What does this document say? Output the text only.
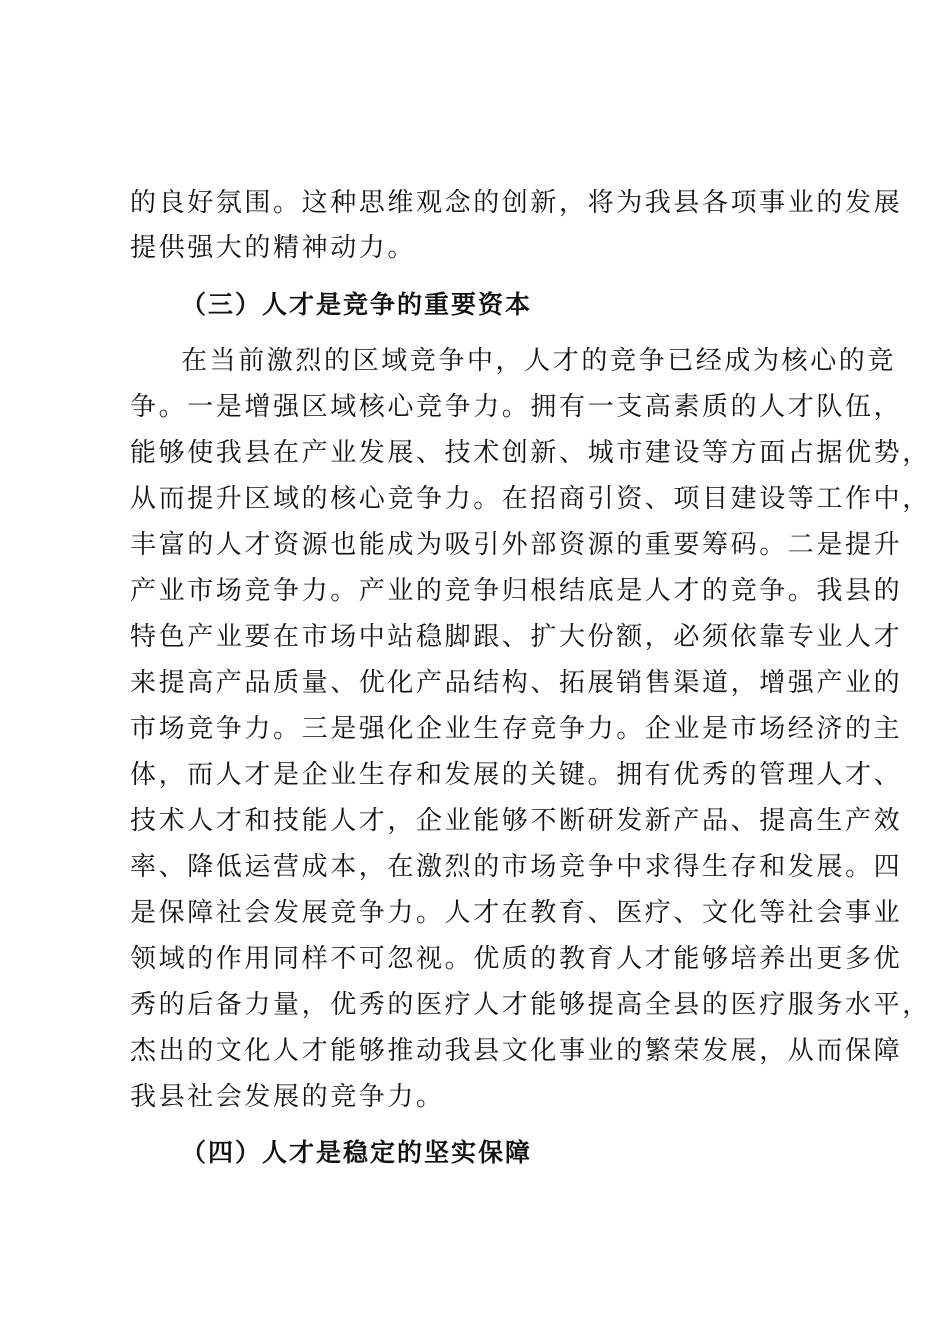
的良好氛围。这种思维观念的创新，将为我县各项事业的发展
提供强大的精神动力。
（三）人才是竞争的重要资本
在当前激烈的区域竞争中，人才的竞争已经成为核心的竞
争。一是增强区域核心竞争力。拥有一支高素质的人才队伍，
能够使我县在产业发展、技术创新、城市建设等方面占据优势，
从而提升区域的核心竞争力。在招商引资、项目建设等工作中，
丰富的人才资源也能成为吸引外部资源的重要筹码。二是提升
产业市场竞争力。产业的竞争归根结底是人才的竞争。我县的
特色产业要在市场中站稳脚跟、扩大份额，必须依靠专业人才
来提高产品质量、优化产品结构、拓展销售渠道，增强产业的
市场竞争力。三是强化企业生存竞争力。企业是市场经济的主
体，而人才是企业生存和发展的关键。拥有优秀的管理人才、
技术人才和技能人才，企业能够不断研发新产品、提高生产效
率、降低运营成本，在激烈的市场竞争中求得生存和发展。四
是保障社会发展竞争力。人才在教育、医疗、文化等社会事业
领域的作用同样不可忽视。优质的教育人才能够培养出更多优
秀的后备力量，优秀的医疗人才能够提高全县的医疗服务水平，
杰出的文化人才能够推动我县文化事业的繁荣发展，从而保障
我县社会发展的竞争力。
（四）人才是稳定的坚实保障
